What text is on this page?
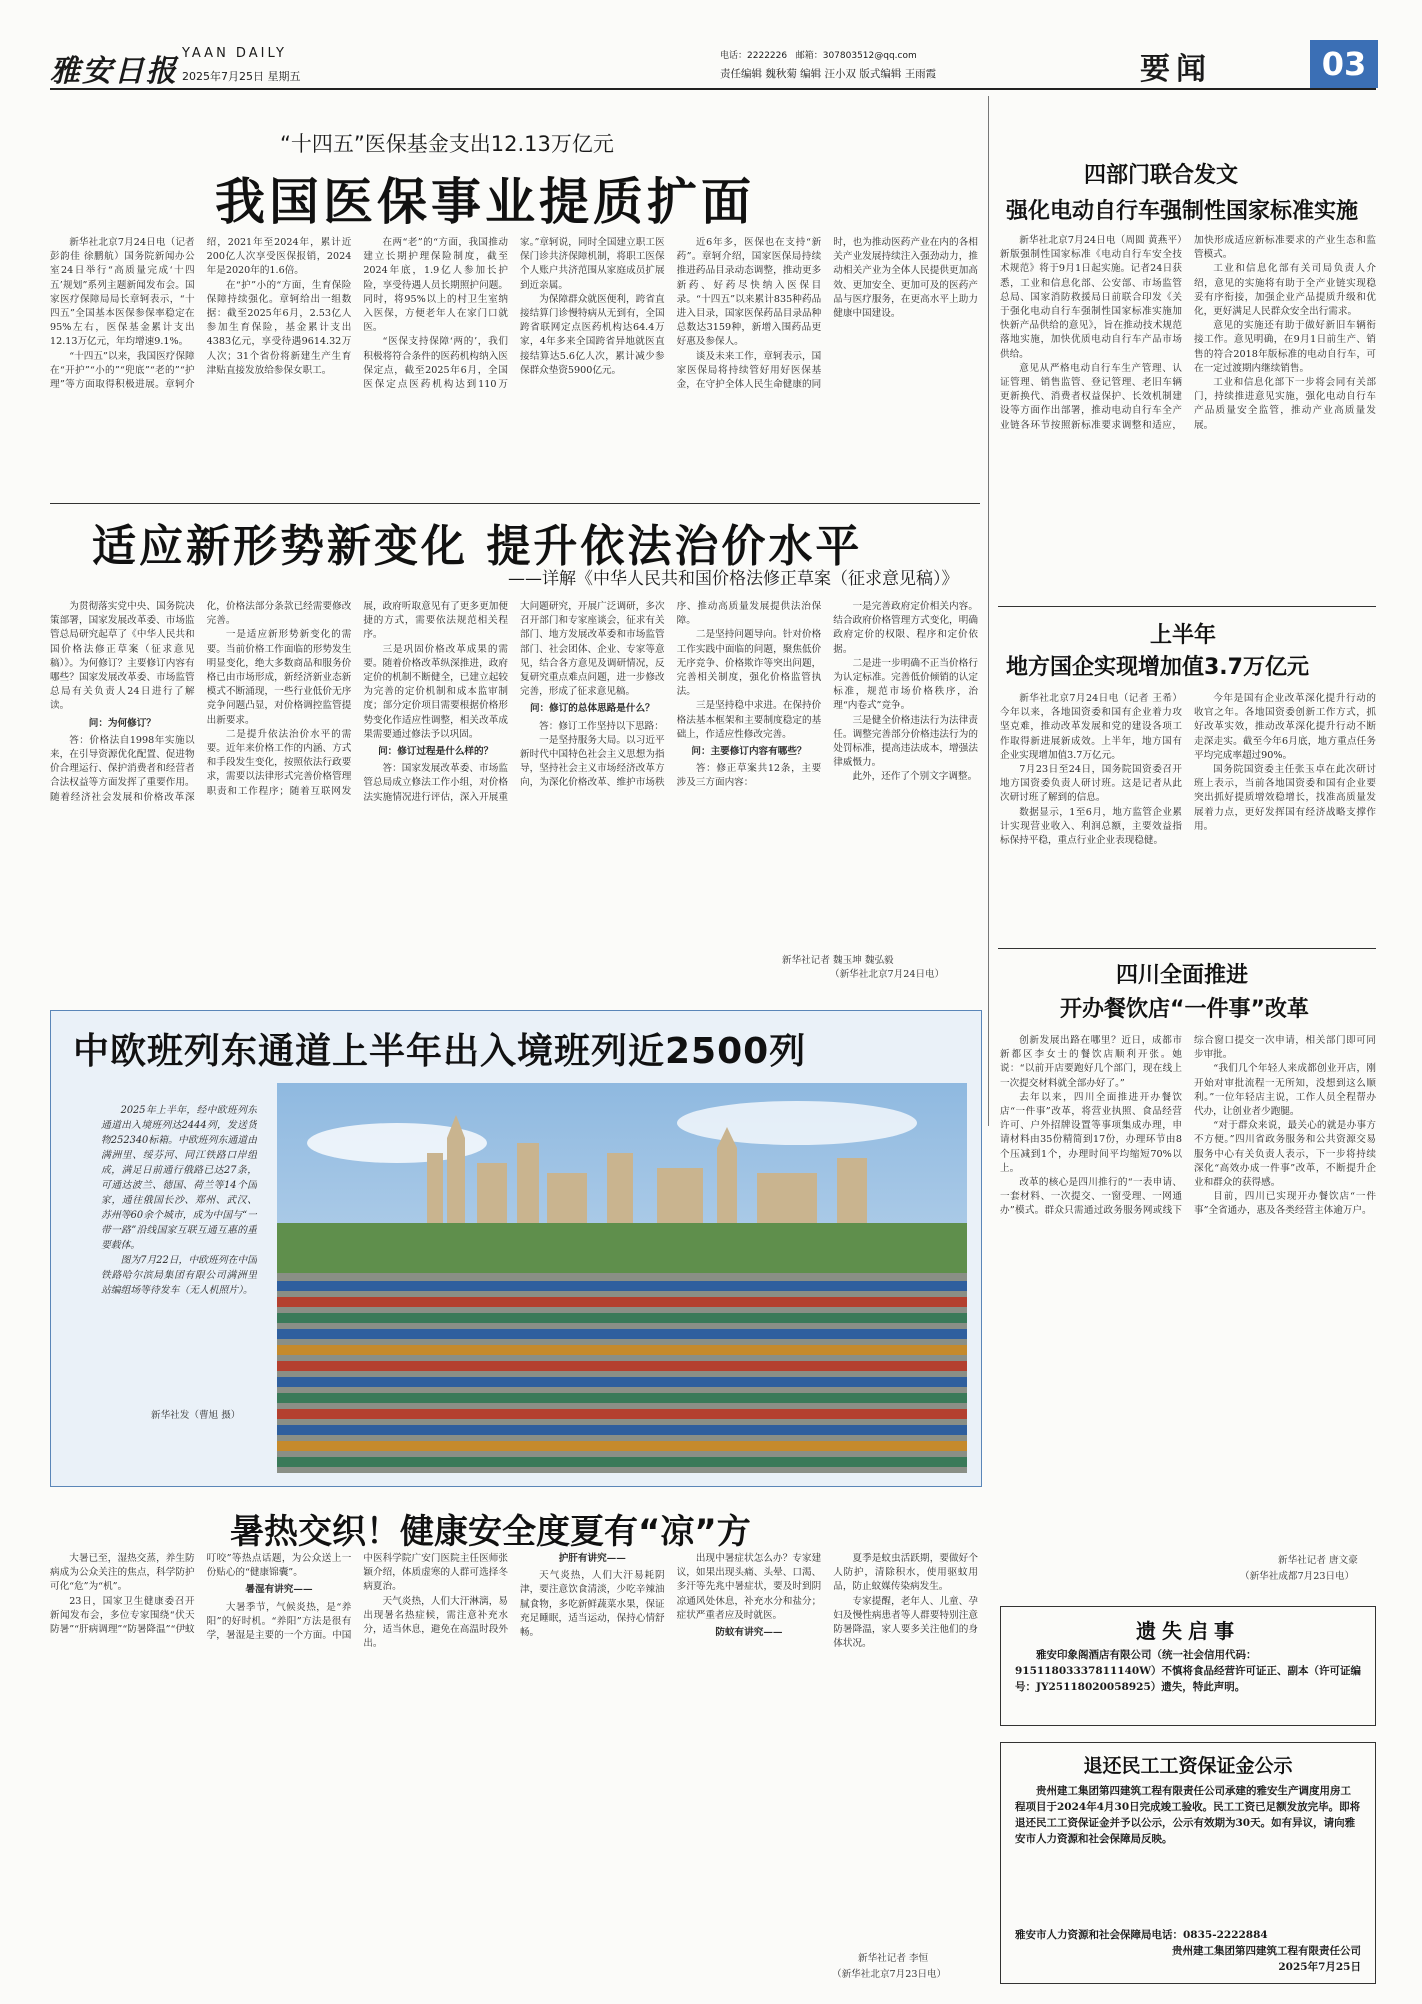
雅安日报
YAAN DAILY
2025年7月25日 星期五
电话：2222226 邮箱：307803512@qq.com
责任编辑 魏秋菊 编辑 汪小双 版式编辑 王雨霞	要闻	03
“十四五”医保基金支出12.13万亿元
我国医保事业提质扩面

新华社北京7月24日电（记者 彭韵佳 徐鹏航）国务院新闻办公室24日举行“高质量完成‘十四五’规划”系列主题新闻发布会。国家医疗保障局局长章轲表示，“十四五”全国基本医保参保率稳定在95%左右，医保基金累计支出12.13万亿元，年均增速9.1%。

“十四五”以来，我国医疗保障在“开护”“小的”“兜底”“老的”“护理”等方面取得积极进展。章轲介绍，2021年至2024年，累计近200亿人次享受医保报销，2024年是2020年的1.6倍。

在“护”小的“方面，生育保险保障持续强化。章轲给出一组数据：截至2025年6月，2.53亿人参加生育保险，基金累计支出4383亿元，享受待遇9614.32万人次；31个省份将新建生产生育津贴直接发放给参保女职工。

在两“老”的“方面，我国推动建立长期护理保险制度，截至2024年底，1.9亿人参加长护险，享受待遇人员长期照护问题。同时，将95%以上的村卫生室纳入医保，方便老年人在家门口就医。

“医保支持保障‘两的’，我们积极将符合条件的医药机构纳入医保定点，截至2025年6月，全国医保定点医药机构达到110万家。”章轲说，同时全国建立职工医保门诊共济保障机制，将职工医保个人账户共济范围从家庭成员扩展到近亲属。

为保障群众就医便利，跨省直接结算门诊慢特病从无到有，全国跨省联网定点医药机构达64.4万家，4年多来全国跨省异地就医直接结算达5.6亿人次，累计减少参保群众垫资5900亿元。

近6年多，医保也在支持“新药”。章轲介绍，国家医保局持续推进药品目录动态调整，推动更多新药、好药尽快纳入医保目录。“十四五”以来累计835种药品进入目录，国家医保药品目录品种总数达3159种，新增入围药品更好惠及参保人。

谈及未来工作，章轲表示，国家医保局将持续管好用好医保基金，在守护全体人民生命健康的同时，也为推动医药产业在内的各相关产业发展持续注入强劲动力，推动相关产业为全体人民提供更加高效、更加安全、更加可及的医药产品与医疗服务，在更高水平上助力健康中国建设。

适应新形势新变化 提升依法治价水平
——详解《中华人民共和国价格法修正草案（征求意见稿）》

为贯彻落实党中央、国务院决策部署，国家发展改革委、市场监管总局研究起草了《中华人民共和国价格法修正草案（征求意见稿）》。为何修订？主要修订内容有哪些？国家发展改革委、市场监管总局有关负责人24日进行了解读。

问：为何修订？

答：价格法自1998年实施以来，在引导资源优化配置、促进物价合理运行、保护消费者和经营者合法权益等方面发挥了重要作用。随着经济社会发展和价格改革深化，价格法部分条款已经需要修改完善。

一是适应新形势新变化的需要。当前价格工作面临的形势发生明显变化，绝大多数商品和服务价格已由市场形成，新经济新业态新模式不断涌现，一些行业低价无序竞争问题凸显，对价格调控监管提出新要求。

二是提升依法治价水平的需要。近年来价格工作的内涵、方式和手段发生变化，按照依法行政要求，需要以法律形式完善价格管理职责和工作程序；随着互联网发展，政府听取意见有了更多更加便捷的方式，需要依法规范相关程序。

三是巩固价格改革成果的需要。随着价格改革纵深推进，政府定价的机制不断健全，已建立起较为完善的定价机制和成本监审制度；部分定价项目需要根据价格形势变化作适应性调整，相关改革成果需要通过修法予以巩固。

问：修订过程是什么样的？

答：国家发展改革委、市场监管总局成立修法工作小组，对价格法实施情况进行评估，深入开展重大问题研究，开展广泛调研，多次召开部门和专家座谈会，征求有关部门、地方发展改革委和市场监管部门、社会团体、企业、专家等意见，结合各方意见及调研情况，反复研究重点难点问题，进一步修改完善，形成了征求意见稿。

问：修订的总体思路是什么？

答：修订工作坚持以下思路：

一是坚持服务大局。以习近平新时代中国特色社会主义思想为指导，坚持社会主义市场经济改革方向，为深化价格改革、维护市场秩序、推动高质量发展提供法治保障。

二是坚持问题导向。针对价格工作实践中面临的问题，聚焦低价无序竞争、价格欺诈等突出问题，完善相关制度，强化价格监管执法。

三是坚持稳中求进。在保持价格法基本框架和主要制度稳定的基础上，作适应性修改完善。

问：主要修订内容有哪些？

答：修正草案共12条，主要涉及三方面内容：

一是完善政府定价相关内容。结合政府价格管理方式变化，明确政府定价的权限、程序和定价依据。

二是进一步明确不正当价格行为认定标准。完善低价倾销的认定标准，规范市场价格秩序，治理“内卷式”竞争。

三是健全价格违法行为法律责任。调整完善部分价格违法行为的处罚标准，提高违法成本，增强法律威慑力。

此外，还作了个别文字调整。

新华社记者 魏玉坤 魏弘毅
（新华社北京7月24日电）
四部门联合发文
强化电动自行车强制性国家标准实施

新华社北京7月24日电（周圆 黄燕平）新版强制性国家标准《电动自行车安全技术规范》将于9月1日起实施。记者24日获悉，工业和信息化部、公安部、市场监管总局、国家消防救援局日前联合印发《关于强化电动自行车强制性国家标准实施加快新产品供给的意见》，旨在推动技术规范落地实施，加快优质电动自行车产品市场供给。

意见从严格电动自行车生产管理、认证管理、销售监管、登记管理、老旧车辆更新换代、消费者权益保护、长效机制建设等方面作出部署，推动电动自行车全产业链各环节按照新标准要求调整和适应，加快形成适应新标准要求的产业生态和监管模式。

工业和信息化部有关司局负责人介绍，意见的实施将有助于全产业链实现稳妥有序衔接，加强企业产品提质升级和优化，更好满足人民群众安全出行需求。

意见的实施还有助于做好新旧车辆衔接工作。意见明确，在9月1日前生产、销售的符合2018年版标准的电动自行车，可在一定过渡期内继续销售。

工业和信息化部下一步将会同有关部门，持续推进意见实施，强化电动自行车产品质量安全监管，推动产业高质量发展。

上半年
地方国企实现增加值3.7万亿元

新华社北京7月24日电（记者 王希）今年以来，各地国资委和国有企业着力攻坚克难，推动改革发展和党的建设各项工作取得新进展新成效。上半年，地方国有企业实现增加值3.7万亿元。

7月23日至24日，国务院国资委召开地方国资委负责人研讨班。这是记者从此次研讨班了解到的信息。

数据显示，1至6月，地方监管企业累计实现营业收入、利润总额，主要效益指标保持平稳，重点行业企业表现稳健。

今年是国有企业改革深化提升行动的收官之年。各地国资委创新工作方式，抓好改革实效，推动改革深化提升行动不断走深走实。截至今年6月底，地方重点任务平均完成率超过90%。

国务院国资委主任张玉卓在此次研讨班上表示，当前各地国资委和国有企业要突出抓好提质增效稳增长，找准高质量发展着力点，更好发挥国有经济战略支撑作用。

四川全面推进
开办餐饮店“一件事”改革

创新发展出路在哪里？近日，成都市新都区李女士的餐饮店顺利开张。她说：“以前开店要跑好几个部门，现在线上一次提交材料就全部办好了。”

去年以来，四川全面推进开办餐饮店“一件事”改革，将营业执照、食品经营许可、户外招牌设置等事项集成办理，申请材料由35份精简到17份，办理环节由8个压减到1个，办理时间平均缩短70%以上。

改革的核心是四川推行的“一表申请、一套材料、一次提交、一窗受理、一网通办”模式。群众只需通过政务服务网或线下综合窗口提交一次申请，相关部门即可同步审批。

“我们几个年轻人来成都创业开店，刚开始对审批流程一无所知，没想到这么顺利。”一位年轻店主说，工作人员全程帮办代办，让创业者少跑腿。

“对于群众来说，最关心的就是办事方不方便。”四川省政务服务和公共资源交易服务中心有关负责人表示，下一步将持续深化“高效办成一件事”改革，不断提升企业和群众的获得感。

目前，四川已实现开办餐饮店“一件事”全省通办，惠及各类经营主体逾万户。

新华社记者 唐文豪
（新华社成都7月23日电）
中欧班列东通道上半年出入境班列近2500列

2025年上半年，经中欧班列东通道出入境班列达2444列，发送货物252340标箱。中欧班列东通道由满洲里、绥芬河、同江铁路口岸组成，满足日前通行俄路已达27条，可通达波兰、德国、荷兰等14个国家，通往俄国长沙、郑州、武汉、苏州等60余个城市，成为中国与“一带一路”沿线国家互联互通互惠的重要载体。

图为7月22日，中欧班列在中国铁路哈尔滨局集团有限公司满洲里站编组场等待发车（无人机照片）。

新华社发（曹旭 摄）
暑热交织！健康安全度夏有“凉”方

大暑已至，湿热交蒸，养生防病成为公众关注的焦点，科学防护可化“危”为“机”。

23日，国家卫生健康委召开新闻发布会，多位专家围绕“伏天防暑”“肝病调理”“防暑降温”“伊蚊叮咬”等热点话题，为公众送上一份贴心的“健康锦囊”。

暑湿有讲究——

大暑季节，气候炎热，是“养阳”的好时机。“养阳”方法是很有学，暑湿是主要的一个方面。中国中医科学院广安门医院主任医师张颖介绍，体质虚寒的人群可选择冬病夏治。

天气炎热，人们大汗淋漓，易出现暑名热症候，需注意补充水分，适当休息，避免在高温时段外出。

护肝有讲究——

天气炎热，人们大汗易耗阴津，要注意饮食清淡，少吃辛辣油腻食物，多吃新鲜蔬菜水果，保证充足睡眠，适当运动，保持心情舒畅。

出现中暑症状怎么办？专家建议，如果出现头痛、头晕、口渴、多汗等先兆中暑症状，要及时到阴凉通风处休息，补充水分和盐分；症状严重者应及时就医。

防蚊有讲究——

夏季是蚊虫活跃期，要做好个人防护，清除积水，使用驱蚊用品，防止蚊媒传染病发生。

专家提醒，老年人、儿童、孕妇及慢性病患者等人群要特别注意防暑降温，家人要多关注他们的身体状况。

新华社记者 李恒
（新华社北京7月23日电）
遗失启事
雅安印象阁酒店有限公司（统一社会信用代码：91511803337811140W）不慎将食品经营许可证正、副本（许可证编号：JY25118020058925）遗失，特此声明。
退还民工工资保证金公示
贵州建工集团第四建筑工程有限责任公司承建的雅安生产调度用房工程项目于2024年4月30日完成竣工验收。民工工资已足额发放完毕。即将退还民工工资保证金并予以公示，公示有效期为30天。如有异议，请向雅安市人力资源和社会保障局反映。
雅安市人力资源和社会保障局电话：0835-2222884
贵州建工集团第四建筑工程有限责任公司
2025年7月25日
